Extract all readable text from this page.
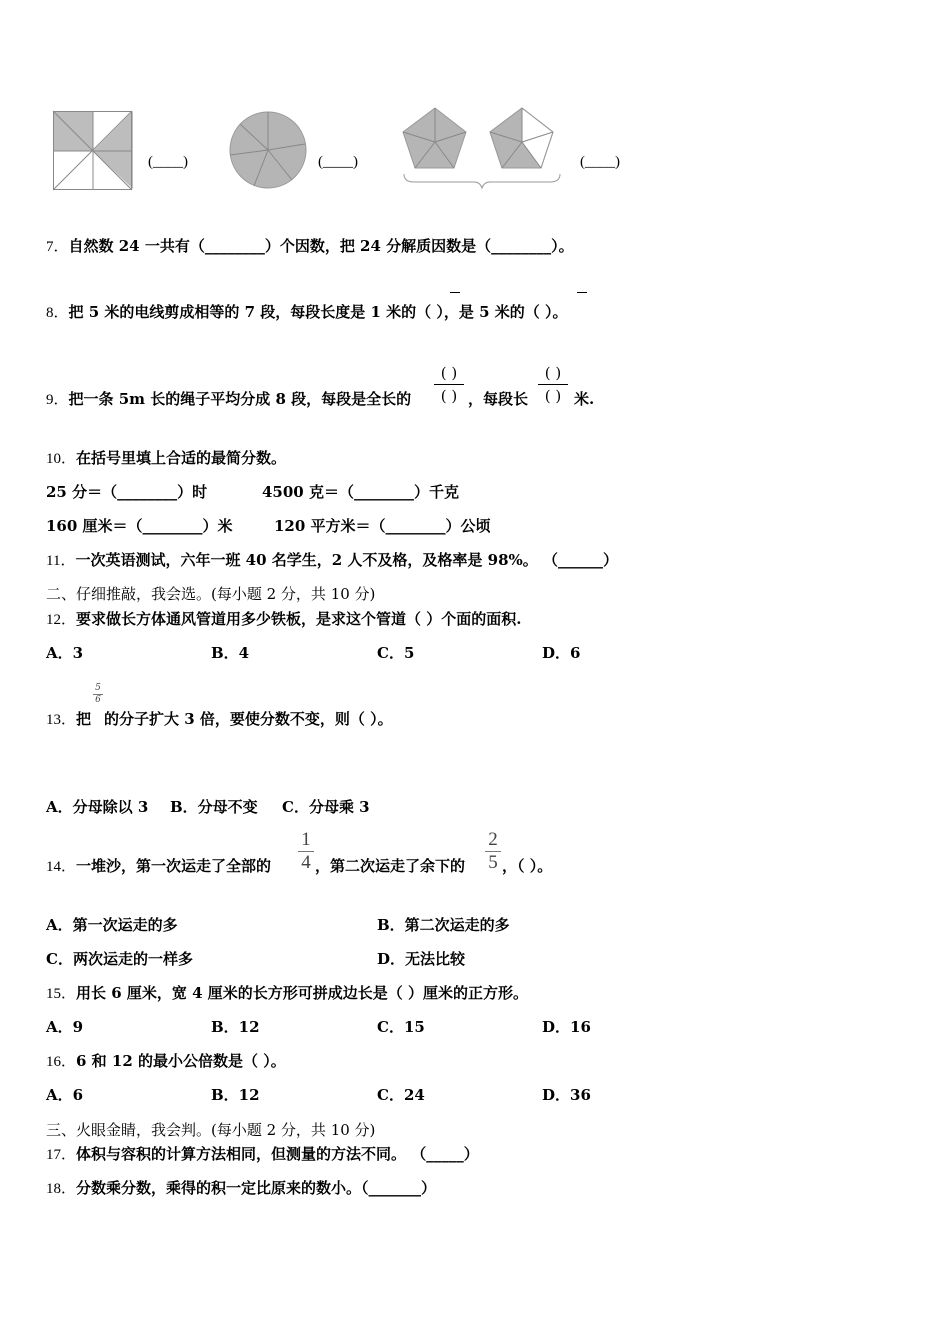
(____)	(____)	(____)
7．自然数 24 一共有（________）个因数，把 24 分解质因数是（________）。
8．把 5 米的电线剪成相等的 7 段，每段长度是 1 米的（ ），是 5 米的（ ）。
9．把一条 5m 长的绳子平均分成 8 段，每段是全长的
( )
( ) ，每段长
( )
( ) 米.
10．在括号里填上合适的最简分数。
25 分＝（________）时	4500 克＝（________）千克
160 厘米＝（________）米	120 平方米＝（________）公顷
11．一次英语测试，六年一班 40 名学生，2 人不及格，及格率是 98%。 （______）
二、仔细推敲，我会选。(每小题 2 分，共 10 分)
12．要求做长方体通风管道用多少铁板，是求这个管道（ ）个面的面积.
A．3	B．4	C．5	D．6
13．把
$\frac{5}{6}$
的分子扩大 3 倍，要使分数不变，则（ ）。
A．分母除以 3 B．分母不变 C．分母乘 3
14．一堆沙，第一次运走了全部的 $\frac{1}{4}$ ，第二次运走了余下的 $\frac{2}{5}$ ，（ ）。
A．第一次运走的多	B．第二次运走的多
C．两次运走的一样多	D．无法比较
15．用长 6 厘米，宽 4 厘米的长方形可拼成边长是（ ）厘米的正方形。
A．9	B．12	C．15	D．16
16．6 和 12 的最小公倍数是（ ）。
A．6	B．12	C．24	D．36
三、火眼金睛，我会判。(每小题 2 分，共 10 分)
17．体积与容积的计算方法相同，但测量的方法不同。 （_____）
18．分数乘分数，乘得的积一定比原来的数小。（_______）
